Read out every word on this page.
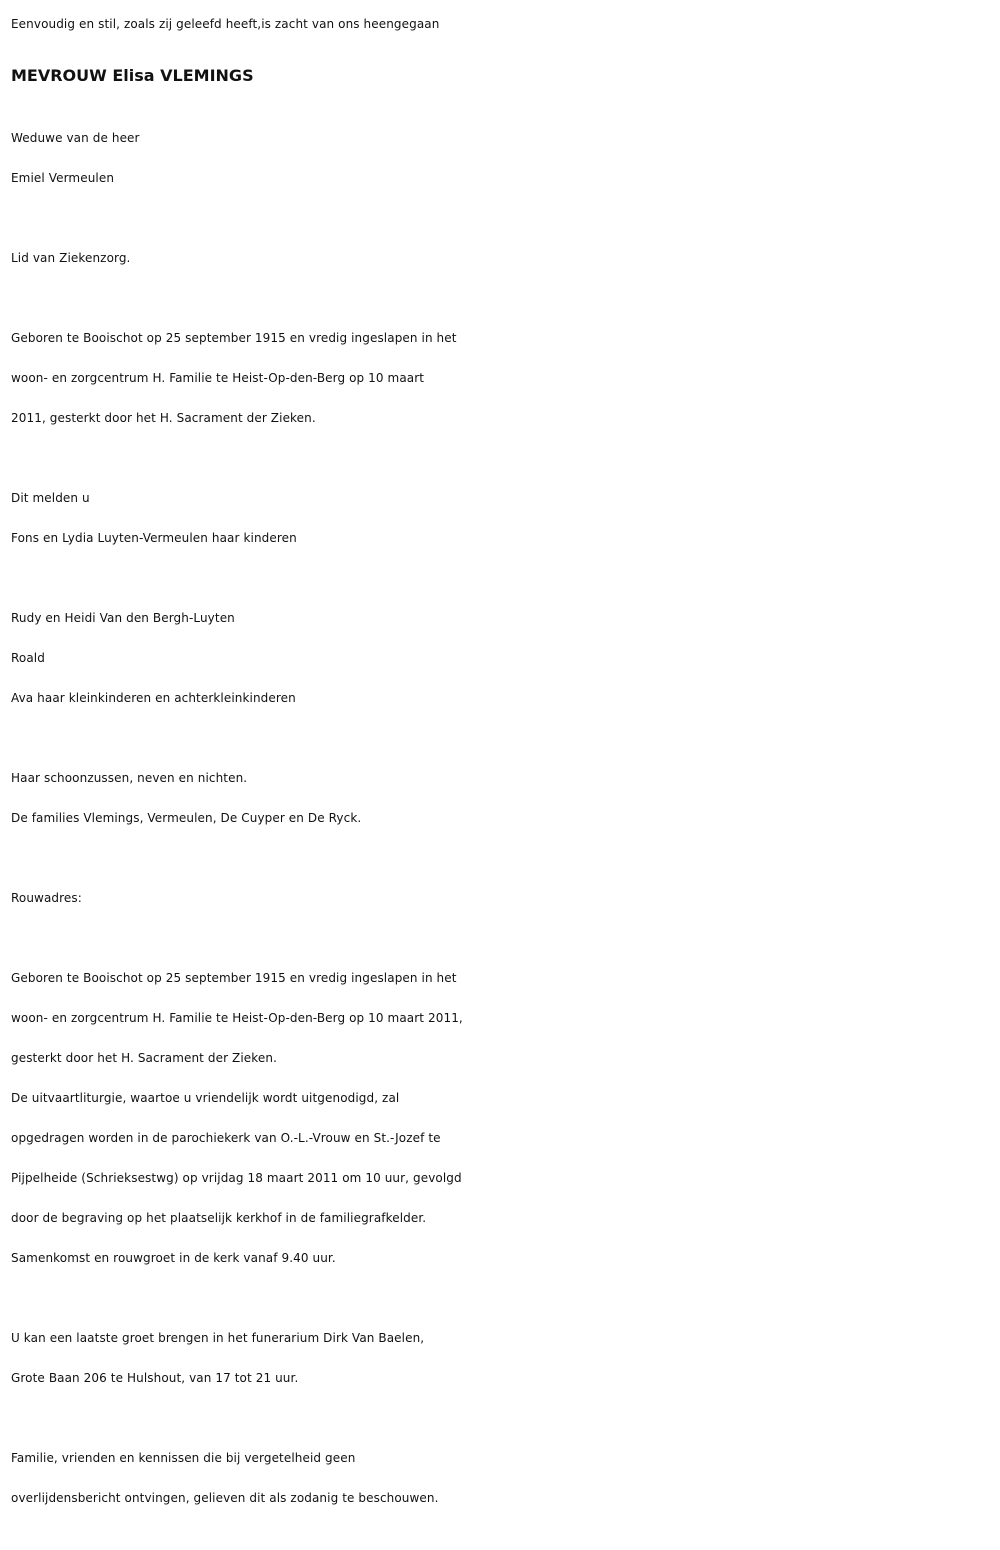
Eenvoudig en stil, zoals zij geleefd heeft,is zacht van ons heengegaan
MEVROUW Elisa VLEMINGS
Weduwe van de heer
Emiel Vermeulen
Lid van Ziekenzorg.
Geboren te Booischot op 25 september 1915 en vredig ingeslapen in het
woon- en zorgcentrum H. Familie te Heist-Op-den-Berg op 10 maart
2011, gesterkt door het H. Sacrament der Zieken.
Dit melden u
Fons en Lydia Luyten-Vermeulen haar kinderen
Rudy en Heidi Van den Bergh-Luyten
Roald
Ava haar kleinkinderen en achterkleinkinderen
Haar schoonzussen, neven en nichten.
De families Vlemings, Vermeulen, De Cuyper en De Ryck.
Rouwadres:
Geboren te Booischot op 25 september 1915 en vredig ingeslapen in het
woon- en zorgcentrum H. Familie te Heist-Op-den-Berg op 10 maart 2011,
gesterkt door het H. Sacrament der Zieken.
De uitvaartliturgie, waartoe u vriendelijk wordt uitgenodigd, zal
opgedragen worden in de parochiekerk van O.-L.-Vrouw en St.-Jozef te
Pijpelheide (Schrieksestwg) op vrijdag 18 maart 2011 om 10 uur, gevolgd
door de begraving op het plaatselijk kerkhof in de familiegrafkelder.
Samenkomst en rouwgroet in de kerk vanaf 9.40 uur.
U kan een laatste groet brengen in het funerarium Dirk Van Baelen,
Grote Baan 206 te Hulshout, van 17 tot 21 uur.
Familie, vrienden en kennissen die bij vergetelheid geen
overlijdensbericht ontvingen, gelieven dit als zodanig te beschouwen.
